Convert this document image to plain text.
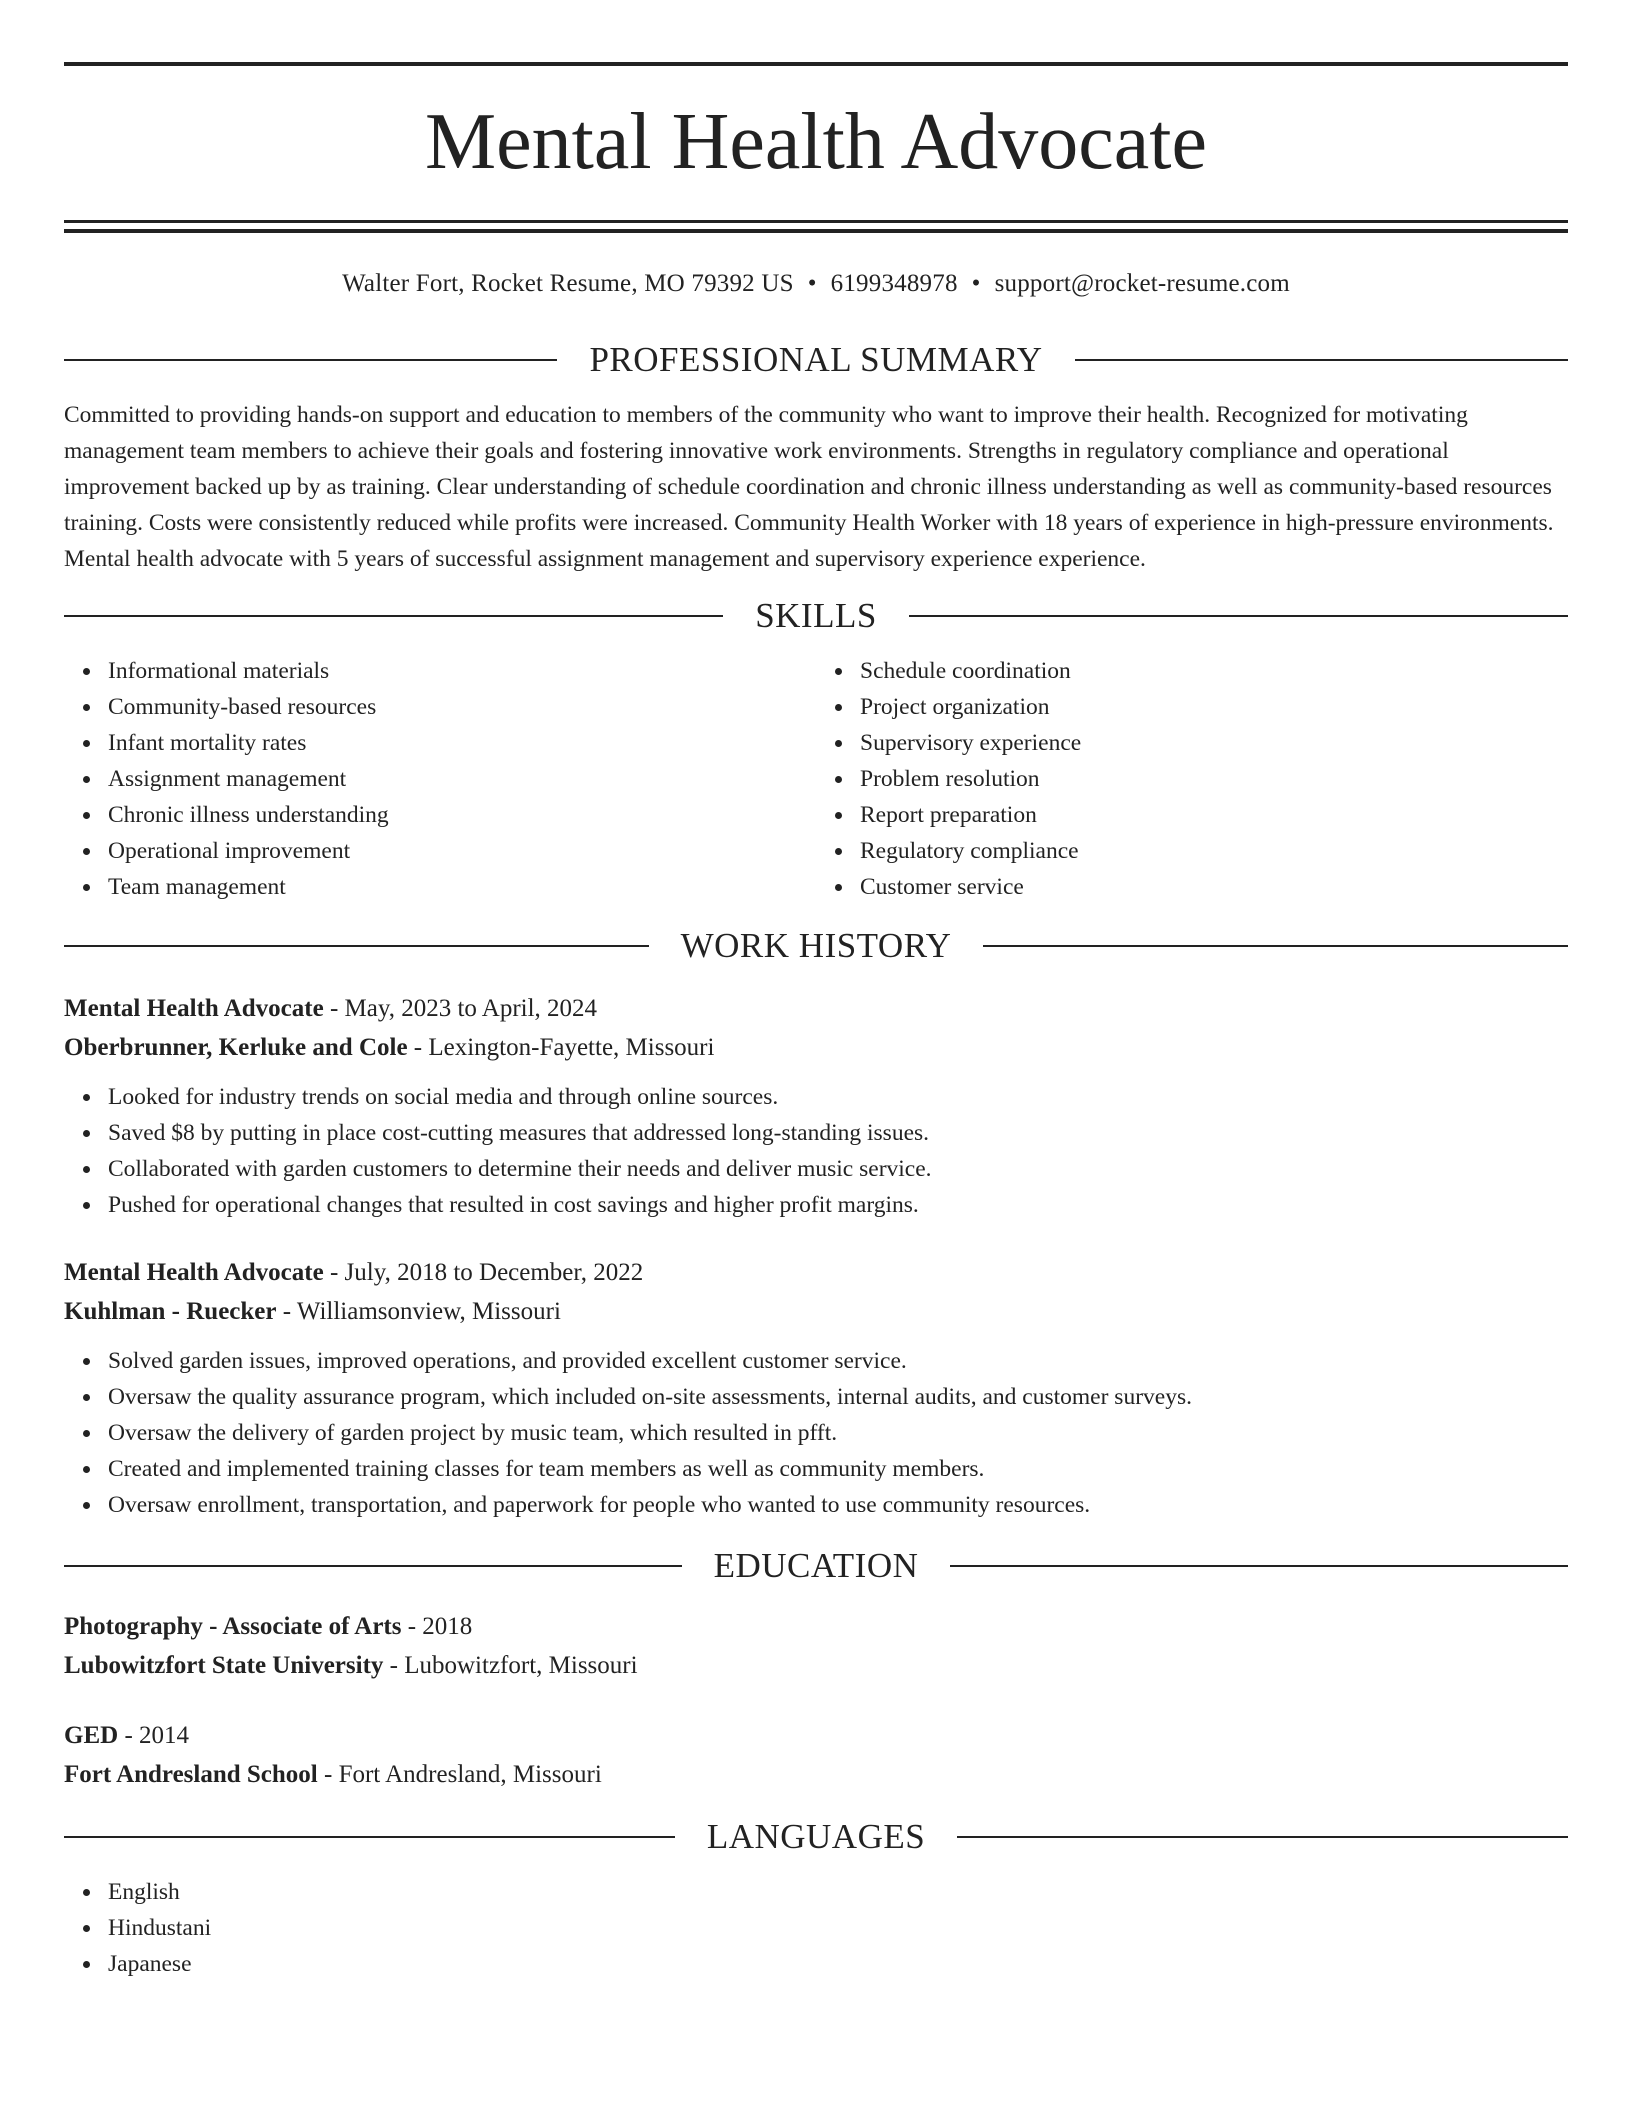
Mental Health Advocate
Walter Fort, Rocket Resume, MO 79392 US • 6199348978 • support@rocket-resume.com
PROFESSIONAL SUMMARY

Committed to providing hands-on support and education to members of the community who want to improve their health. Recognized for motivating management team members to achieve their goals and fostering innovative work environments. Strengths in regulatory compliance and operational improvement backed up by as training. Clear understanding of schedule coordination and chronic illness understanding as well as community-based resources training. Costs were consistently reduced while profits were increased. Community Health Worker with 18 years of experience in high-pressure environments. Mental health advocate with 5 years of successful assignment management and supervisory experience experience.

SKILLS
Informational materials
Community-based resources
Infant mortality rates
Assignment management
Chronic illness understanding
Operational improvement
Team management
Schedule coordination
Project organization
Supervisory experience
Problem resolution
Report preparation
Regulatory compliance
Customer service
WORK HISTORY
Mental Health Advocate - May, 2023 to April, 2024
Oberbrunner, Kerluke and Cole - Lexington-Fayette, Missouri
Looked for industry trends on social media and through online sources.
Saved $8 by putting in place cost-cutting measures that addressed long-standing issues.
Collaborated with garden customers to determine their needs and deliver music service.
Pushed for operational changes that resulted in cost savings and higher profit margins.
Mental Health Advocate - July, 2018 to December, 2022
Kuhlman - Ruecker - Williamsonview, Missouri
Solved garden issues, improved operations, and provided excellent customer service.
Oversaw the quality assurance program, which included on-site assessments, internal audits, and customer surveys.
Oversaw the delivery of garden project by music team, which resulted in pfft.
Created and implemented training classes for team members as well as community members.
Oversaw enrollment, transportation, and paperwork for people who wanted to use community resources.
EDUCATION
Photography - Associate of Arts - 2018
Lubowitzfort State University - Lubowitzfort, Missouri
GED - 2014
Fort Andresland School - Fort Andresland, Missouri
LANGUAGES
English
Hindustani
Japanese
